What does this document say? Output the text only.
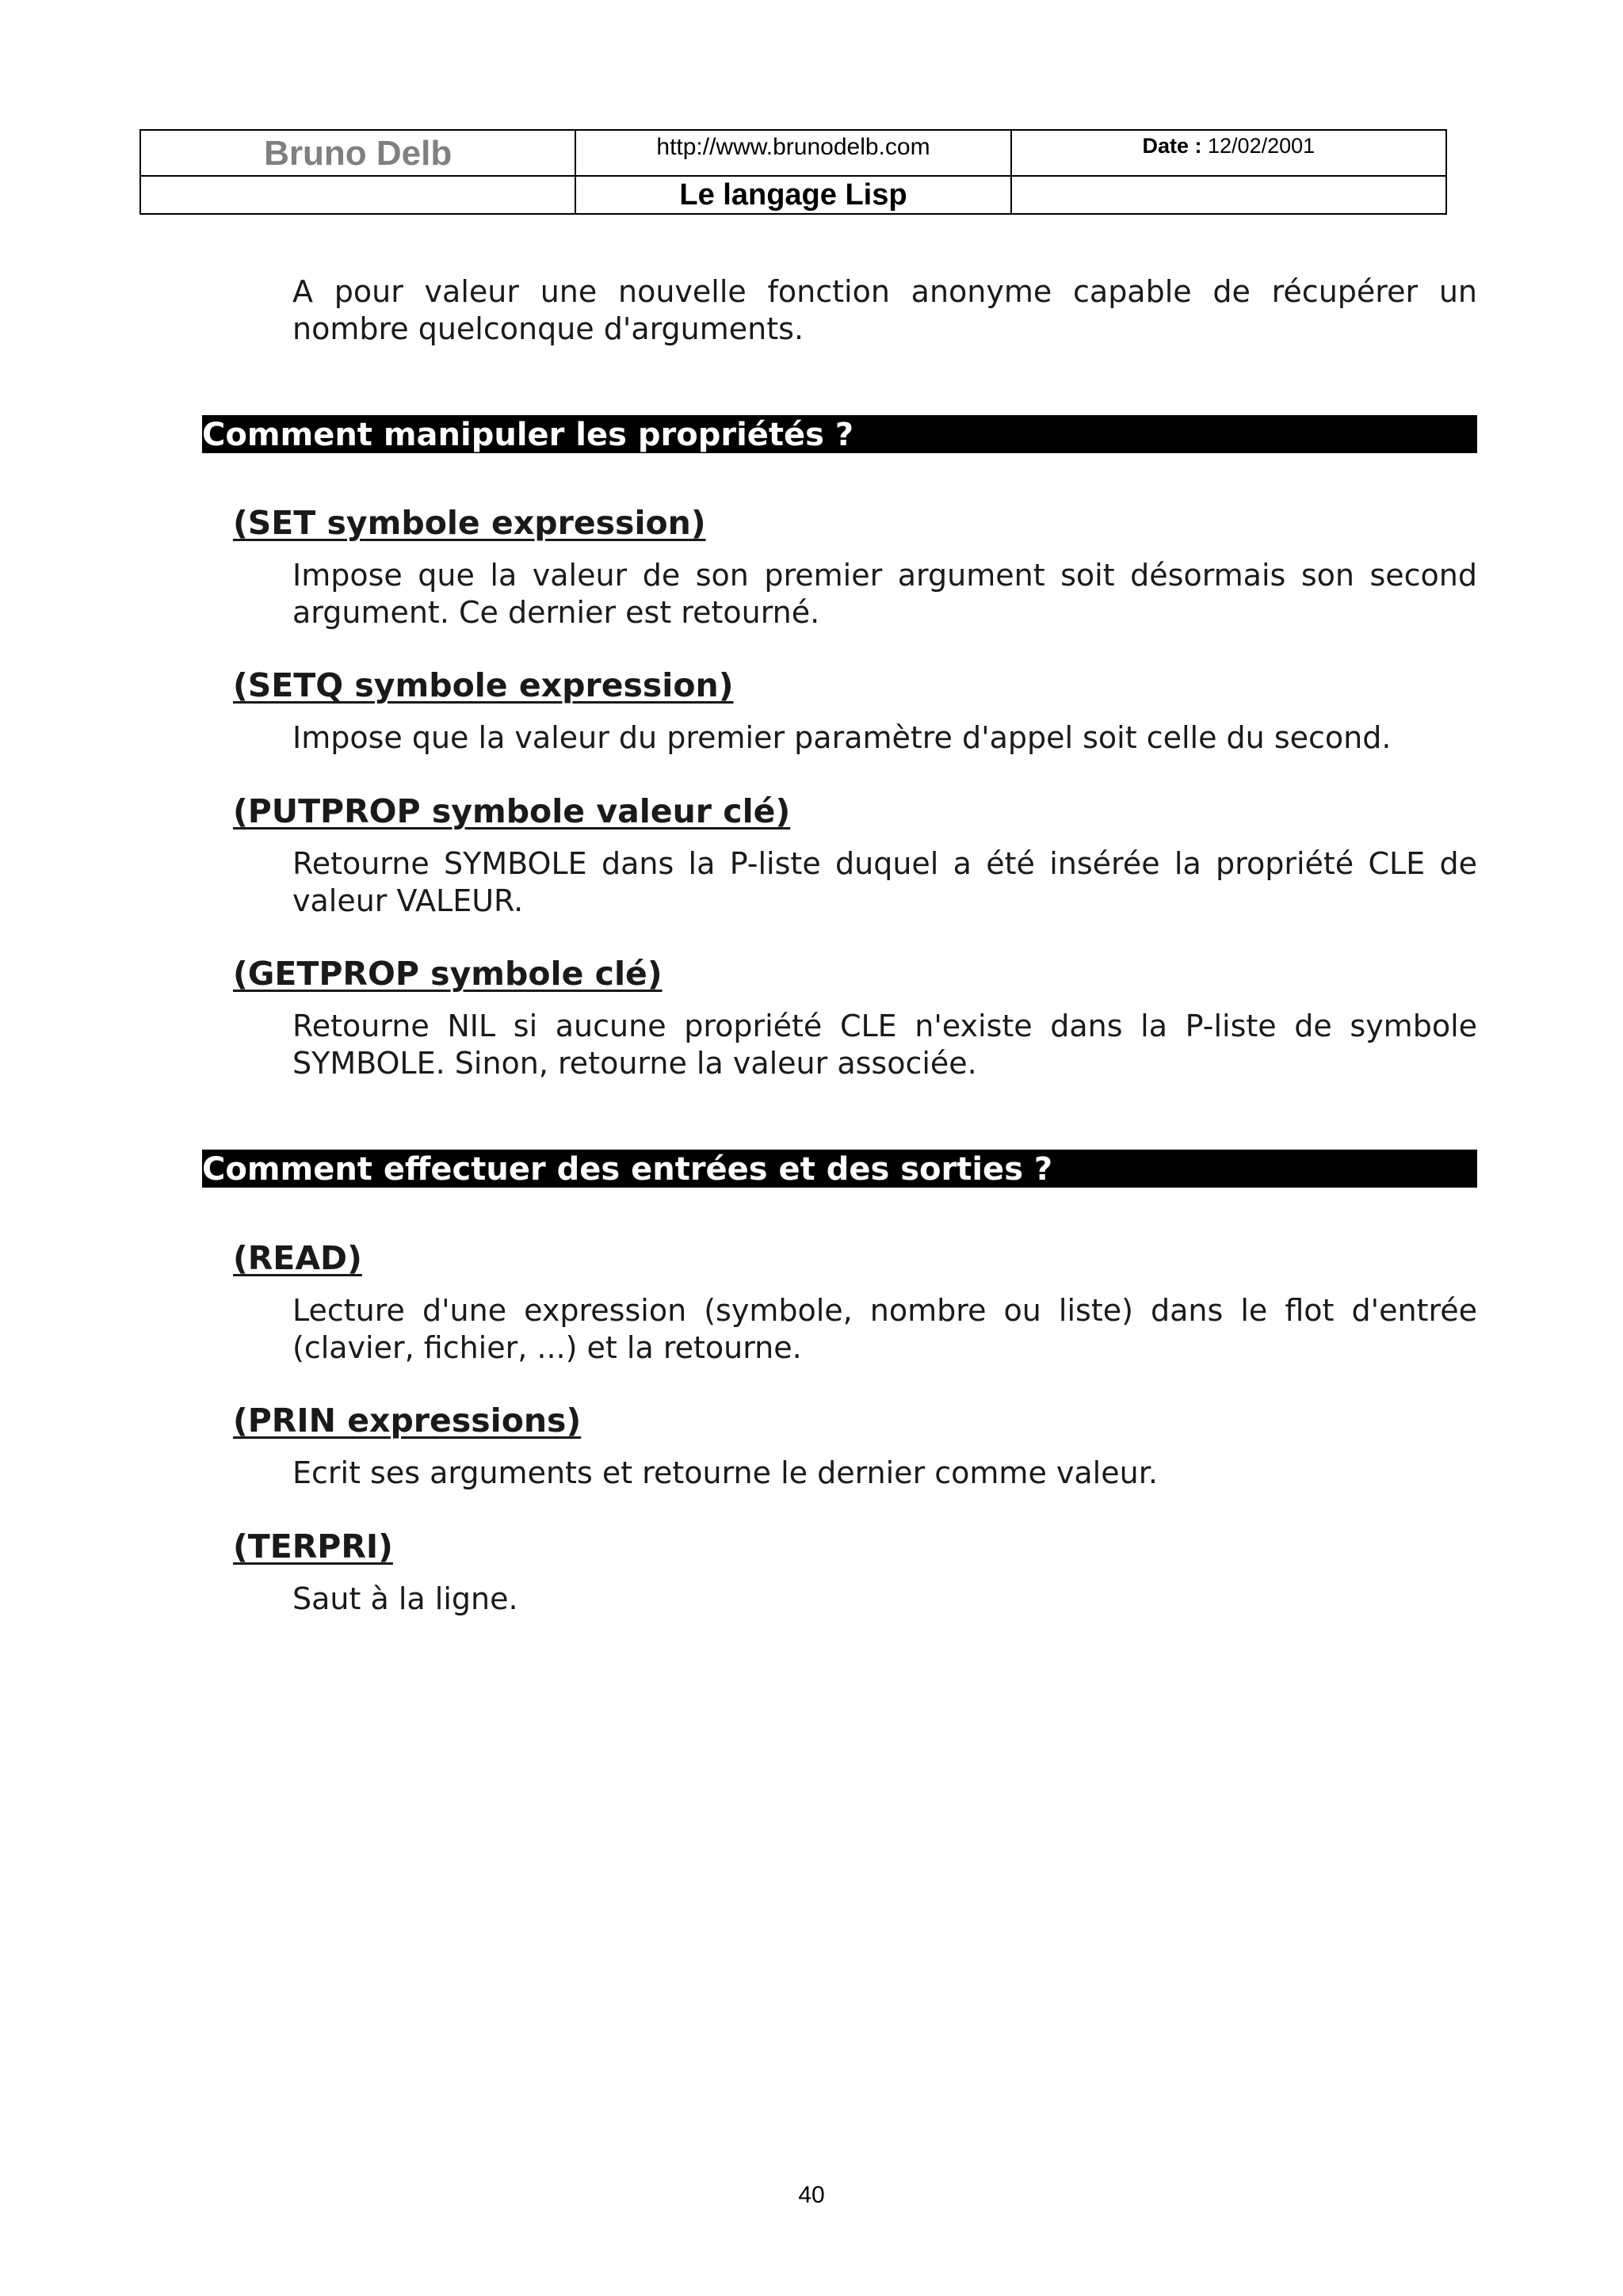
Bruno Delb	http://www.brunodelb.com	Date : 12/02/2001

	Le langage Lisp	

A pour valeur une nouvelle fonction anonyme capable de récupérer un nombre quelconque d'arguments.

Comment manipuler les propriétés ?
(SET symbole expression)

Impose que la valeur de son premier argument soit désormais son second argument. Ce dernier est retourné.

(SETQ symbole expression)

Impose que la valeur du premier paramètre d'appel soit celle du second.

(PUTPROP symbole valeur clé)

Retourne SYMBOLE dans la P-liste duquel a été insérée la propriété CLE de valeur VALEUR.

(GETPROP symbole clé)

Retourne NIL si aucune propriété CLE n'existe dans la P-liste de symbole SYMBOLE. Sinon, retourne la valeur associée.

Comment effectuer des entrées et des sorties ?
(READ)

Lecture d'une expression (symbole, nombre ou liste) dans le flot d'entrée (clavier, fichier, ...) et la retourne.

(PRIN expressions)

Ecrit ses arguments et retourne le dernier comme valeur.

(TERPRI)

Saut à la ligne.

40
